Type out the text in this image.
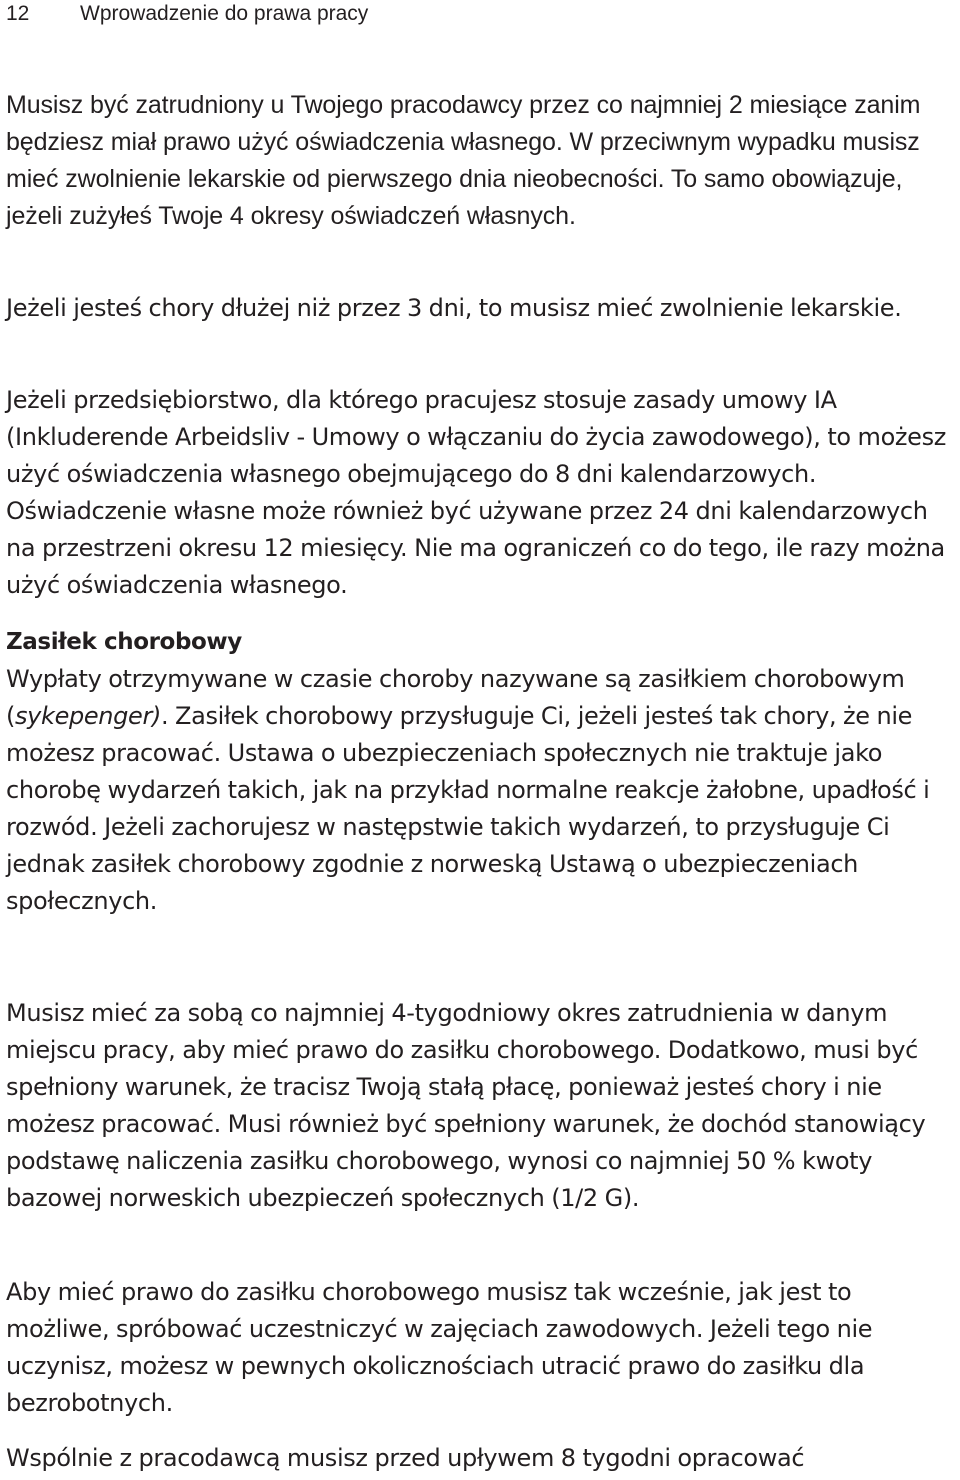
12	Wprowadzenie do prawa pracy

Musisz być zatrudniony u Twojego pracodawcy przez co najmniej 2 miesiące zanim będziesz miał prawo użyć oświadczenia własnego. W przeciwnym wypadku musisz mieć zwolnienie lekarskie od pierwszego dnia nieobecności. To samo obowiązuje, jeżeli zużyłeś Twoje 4 okresy oświadczeń własnych.

Jeżeli jesteś chory dłużej niż przez 3 dni, to musisz mieć zwolnienie lekarskie.

Jeżeli przedsiębiorstwo, dla którego pracujesz stosuje zasady umowy IA (Inkluderende Arbeidsliv - Umowy o włączaniu do życia zawodowego), to możesz użyć oświadczenia własnego obejmującego do 8 dni kalendarzowych. Oświadczenie własne może również być używane przez 24 dni kalendarzowych na przestrzeni okresu 12 miesięcy. Nie ma ograniczeń co do tego, ile razy można użyć oświadczenia własnego.

Zasiłek chorobowy

Wypłaty otrzymywane w czasie choroby nazywane są zasiłkiem chorobowym (sykepenger). Zasiłek chorobowy przysługuje Ci, jeżeli jesteś tak chory, że nie możesz pracować. Ustawa o ubezpieczeniach społecznych nie traktuje jako chorobę wydarzeń takich, jak na przykład normalne reakcje żałobne, upadłość i rozwód. Jeżeli zachorujesz w następstwie takich wydarzeń, to przysługuje Ci jednak zasiłek chorobowy zgodnie z norweską Ustawą o ubezpieczeniach społecznych.

Musisz mieć za sobą co najmniej 4-tygodniowy okres zatrudnienia w danym miejscu pracy, aby mieć prawo do zasiłku chorobowego. Dodatkowo, musi być spełniony warunek, że tracisz Twoją stałą płacę, ponieważ jesteś chory i nie możesz pracować. Musi również być spełniony warunek, że dochód stanowiący podstawę naliczenia zasiłku chorobowego, wynosi co najmniej 50 % kwoty bazowej norweskich ubezpieczeń społecznych (1/2 G).

Aby mieć prawo do zasiłku chorobowego musisz tak wcześnie, jak jest to możliwe, spróbować uczestniczyć w zajęciach zawodowych. Jeżeli tego nie uczynisz, możesz w pewnych okolicznościach utracić prawo do zasiłku dla bezrobotnych.

Wspólnie z pracodawcą musisz przed upływem 8 tygodni opracować
